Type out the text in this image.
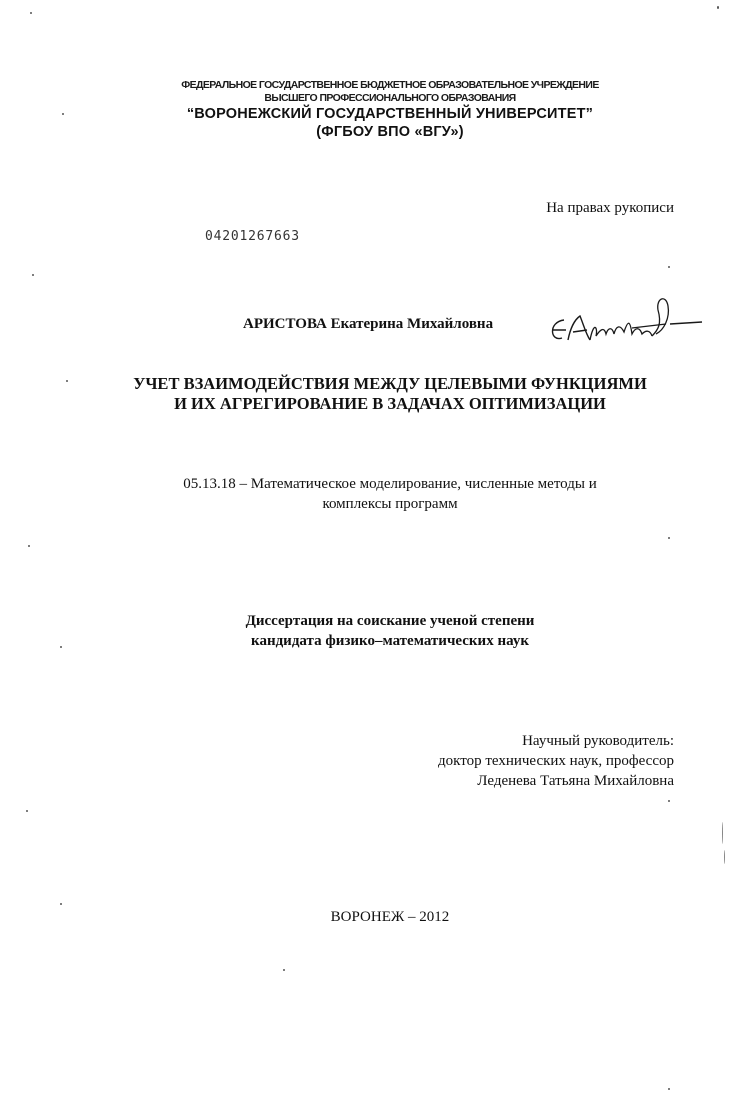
ФЕДЕРАЛЬНОЕ ГОСУДАРСТВЕННОЕ БЮДЖЕТНОЕ ОБРАЗОВАТЕЛЬНОЕ УЧРЕЖДЕНИЕ
ВЫСШЕГО ПРОФЕССИОНАЛЬНОГО ОБРАЗОВАНИЯ
“ВОРОНЕЖСКИЙ ГОСУДАРСТВЕННЫЙ УНИВЕРСИТЕТ”
(ФГБОУ ВПО «ВГУ»)
На правах рукописи
04201267663
АРИСТОВА Екатерина Михайловна
УЧЕТ ВЗАИМОДЕЙСТВИЯ МЕЖДУ ЦЕЛЕВЫМИ ФУНКЦИЯМИ
И ИХ АГРЕГИРОВАНИЕ В ЗАДАЧАХ ОПТИМИЗАЦИИ
05.13.18 – Математическое моделирование, численные методы и
комплексы программ
Диссертация на соискание ученой степени
кандидата физико–математических наук
Научный руководитель:
доктор технических наук, профессор
Леденева Татьяна Михайловна
ВОРОНЕЖ – 2012
